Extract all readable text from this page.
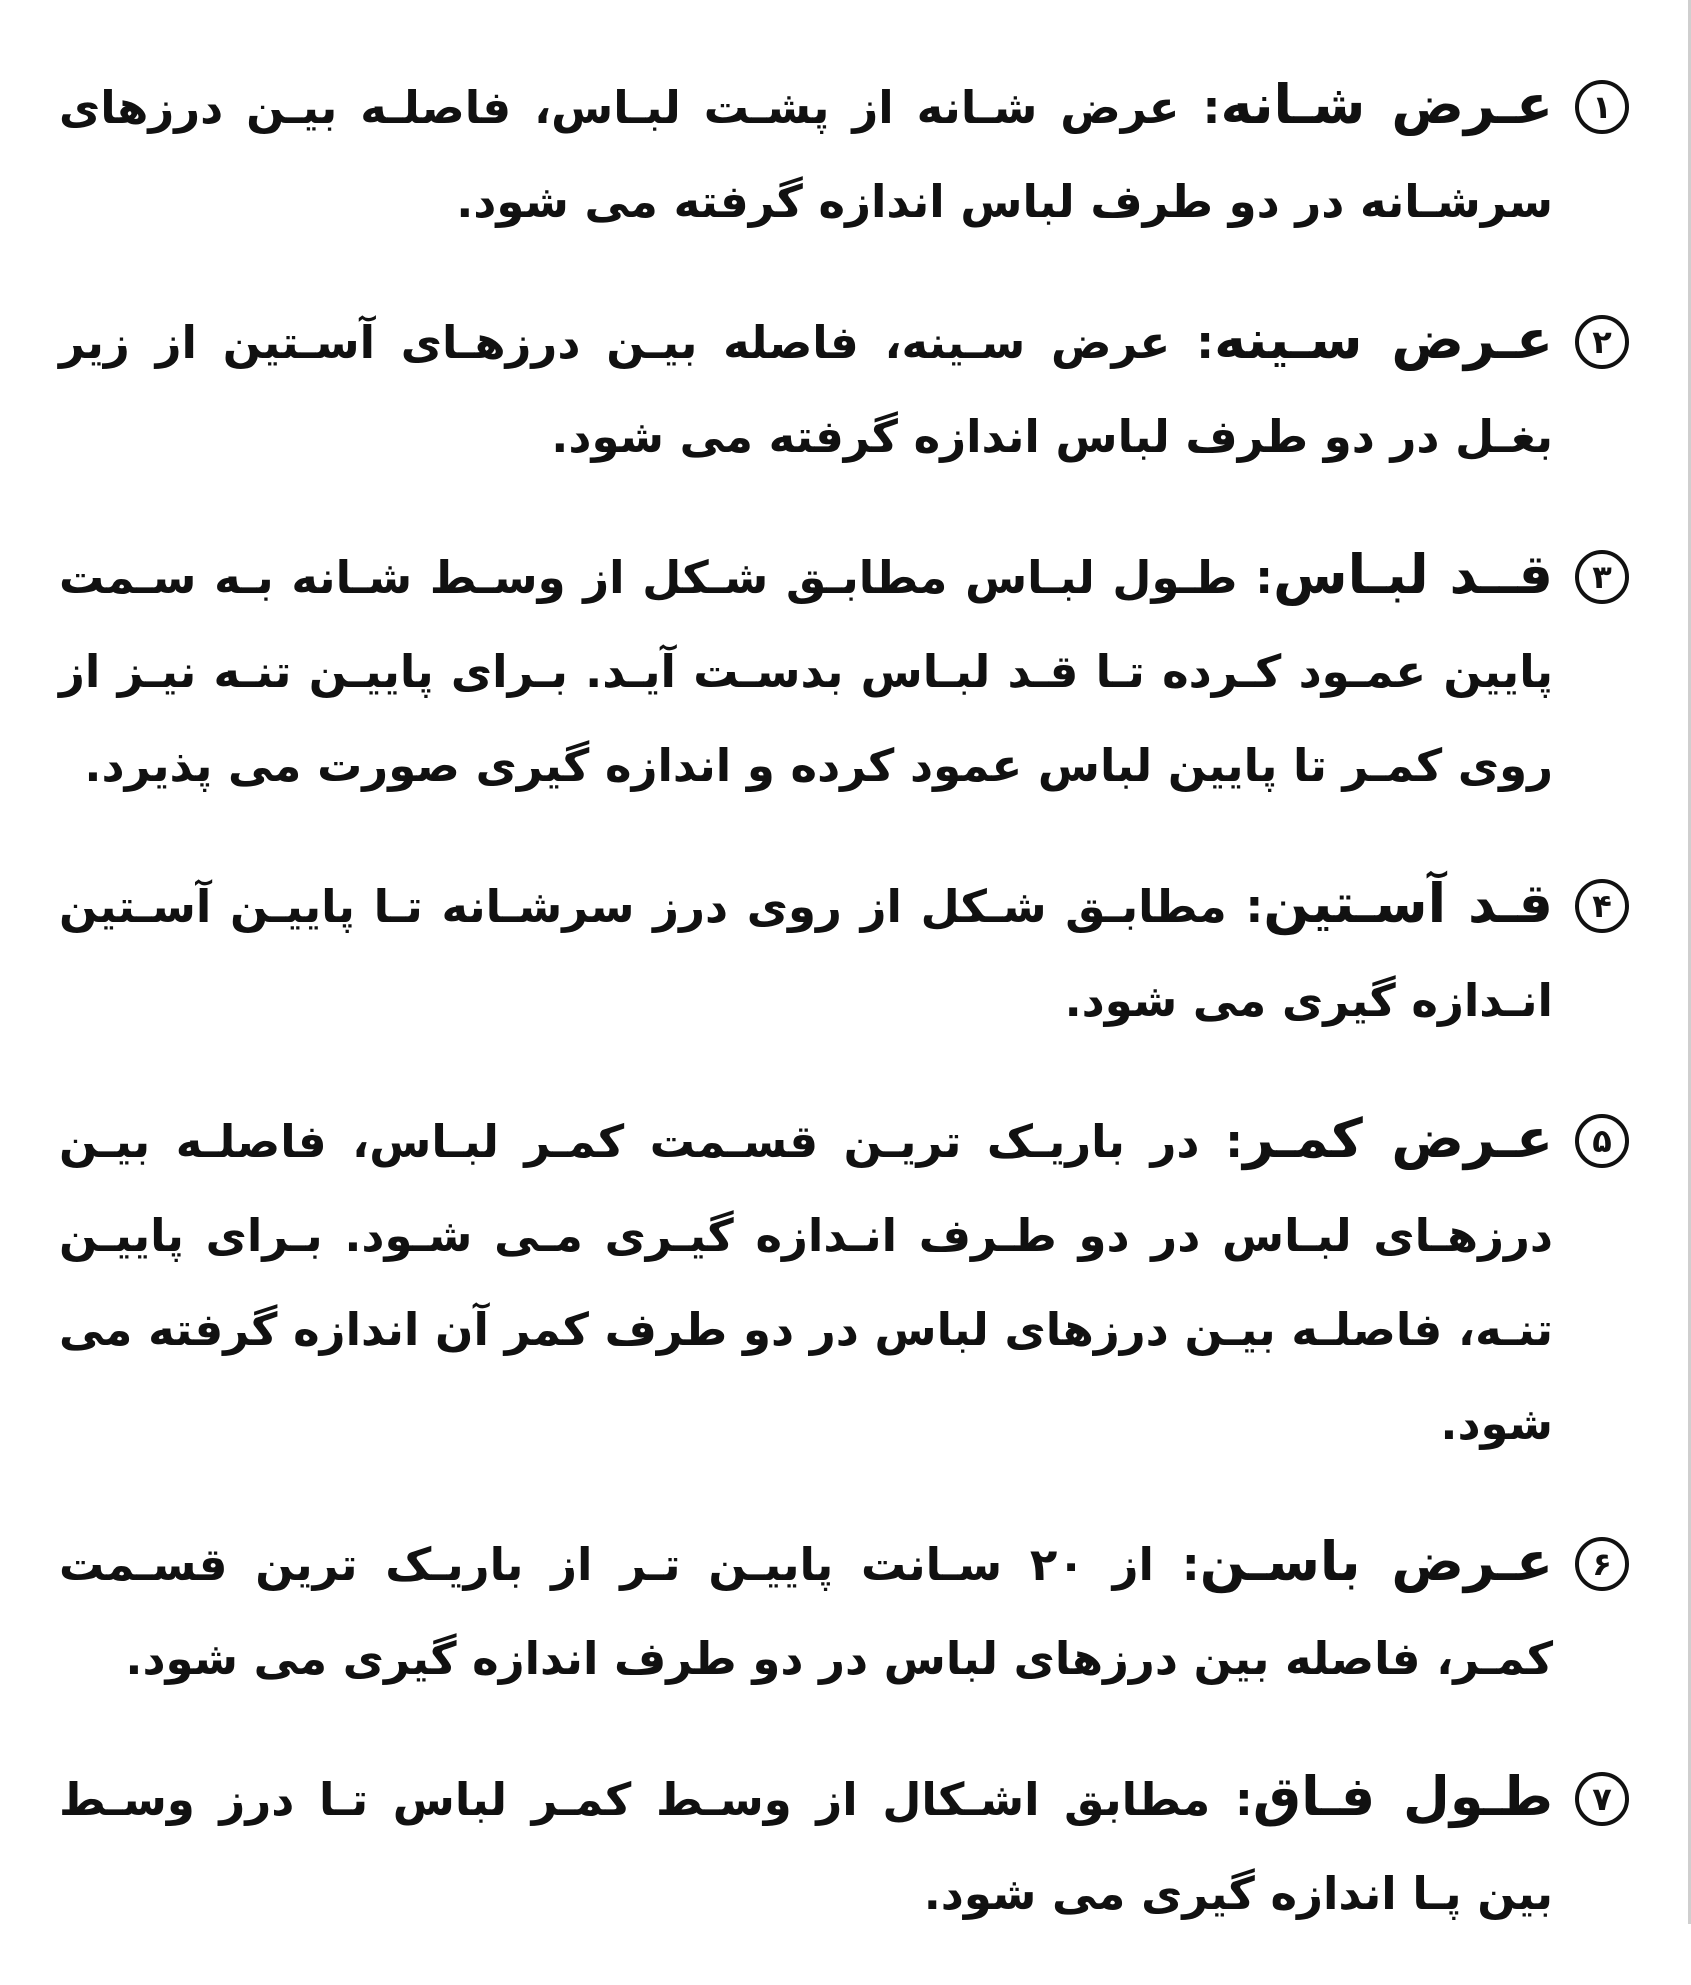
۱
عـرض شـانه: عرض شـانه از پشـت لبـاس، فاصلـه بیـن درزهای سرشـانه در دو طرف لباس اندازه گرفته می شود.
۲
عـرض سـینه: عرض سـینه، فاصله بیـن درزهـای آسـتین از زیر بغـل در دو طرف لباس اندازه گرفته می شود.
۳
قــد لبـاس: طـول لبـاس مطابـق شـکل از وسـط شـانه بـه سـمت پایین عمـود کـرده تـا قـد لبـاس بدسـت آیـد. بـرای پاییـن تنـه نیـز از روی کمـر تا پایین لباس عمود کرده و اندازه گیری صورت می پذیرد.
۴
قـد آسـتین: مطابـق شـکل از روی درز سرشـانه تـا پاییـن آسـتین انـدازه گیری می شود.
۵
عـرض کمـر: در باریـک تریـن قسـمت کمـر لبـاس، فاصلـه بیـن درزهـای لبـاس در دو طـرف انـدازه گیـری مـی شـود. بـرای پاییـن تنـه، فاصلـه بیـن درزهای لباس در دو طرف کمر آن اندازه گرفته می شود.
۶
عـرض باسـن: از ۲۰ سـانت پاییـن تـر از باریـک ترین قسـمت کمـر، فاصله بین درزهای لباس در دو طرف اندازه گیری می شود.
۷
طـول فـاق: مطابق اشـکال از وسـط کمـر لباس تـا درز وسـط بین پـا اندازه گیری می شود.
